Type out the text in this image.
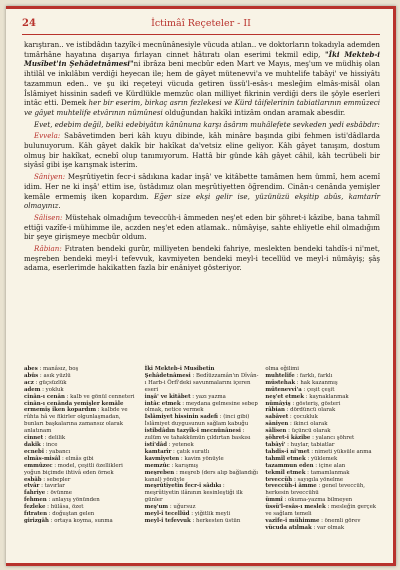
24	İctimâî Reçeteler - II

karıştıran.. ve istibdâdın tazyîk-i mecnûnânesiyle vücuda atılan.. ve doktorların tokadıyla ademden tımârhâne hayatına dışarıya fırlayan cinnet hâtıratı olan eserimi tekmil edip, "İki Mekteb-i Musîbet'in Şehâdetnâmesi"ni ibrâza beni mecbûr eden Mart ve Mayıs, meş'um ve müdhiş olan ihtilâl ve inkılâbın verdiği heyecan ile; hem de gâyet mütenevvi'a ve muhtelife tabâyi' ve hissiyâtı tazammun eden.. ve şu iki reçeteyi vücuda getiren üssü'l-esâs-ı mesleğim elmâs-misâl olan İslâmiyet hissinin sadefi ve Kürdlükle memzûc olan milliyet fikrinin verdiği ders ile şöyle eserleri intâc etti. Demek her bir eserim, birkaç asrın fezlekesi ve Kürd tâifelerinin tabiatlarının emmûzeci ve gâyet muhtelife etvârının nümûnesi olduğundan hakîki intizâm ondan aramak abesdir.

Evet, edebim değil, belki edebiyâtın kânûnuna karşı âsârım muhâlefete sevkeden yedi esbâbdır:

Evvela: Sabâvetimden beri kâh kuyu dibinde, kâh minâre başında gibi fehmen isti'dâdlarda bulunuyorum. Kâh gâyet dakîk bir hakîkat da'vetsiz eline geliyor. Kâh gâyet tanışım, dostum olmuş bir hakîkat, ecnebî olup tanımıyorum. Hattâ bir günde kâh gâyet câhil, kâh tecrübeli bir siyâsî gibi işe karışmak isterim.

Sâniyen: Meşrûtiyetin fecr-i sâdıkına kadar inşâ' ve kitâbette tamâmen hem ümmî, hem acemî idim. Her ne ki inşâ' ettim ise, üstâdımız olan meşrûtiyetten öğrendim. Cinân-ı cenânda yemişler kemâle ermemiş iken kopardım. Eğer size ekşi gelir ise, yüzünüzü ekşitip abûs, kamtarîr olmayınız.

Sâlisen: Müstehak olmadığım teveccüh-i âmmeden neş'et eden bir şöhret-i kâzibe, bana tahmîl ettiği vazîfe-i mühimme ile, aczden neş'et eden atlamak.. nümâyişe, sahte ehliyetle ehil olmadığım bir şeye girişmeye mecbûr oldum.

Râbian: Fıtraten bendeki gurûr, milliyeten bendeki fahriye, meslekten bendeki tahdîs-i ni'met, meşreben bendeki meyl-i tefevvuk, kavmiyeten bendeki meyl-i tecellüd ve meyl-i nümâyiş; şâş adama, eserlerimde hakikatten fazla bir enâniyet gösteriyor.

abes : manâsız, boş
abûs : asık yüzlü
acz : güçsüzlük
adem : yokluk
cinân-ı cenân : kalb ve gönül cenneteri
cinân-ı cenânda yemişler kemâle ermemiş iken kopardım : kalbde ve rûhta hâ ve fikirler olgunlaşmadan, bunları başkalarına zamansız olarak anlatınam
cinnet : delilik
dakîk : ince
ecnebî : yabancı
elmâs-misâl : elmâs gibi
emmûzec : model, çeşitli özellikleri yoğun biçimde ihtivâ eden örnek
esbâb : sebepler
etvâr : tavırlar
fahriye : övünme
fehmen : anlayış yönünden
fezleke : hülâsa, özet
fıtraten : doğuştan gelen
girizgâh : ortaya koyma, sunma
İki Mekteb-i Musîbetin Şehâdetnâmesi : Bedîüzzamân'ın Dîvân-ı Harb-i Örfî'deki savunmalarını içeren eseri
inşâ' ve kitâbet : yazı yazma
intâc etmek : meydana gelmesine sebep olmak, netice vermek
İslâmiyet hissinin sadefi : (inci gibi) İslâmiyet duygusunun sağlam kabuğu
istibdâdın tazyîk-i mecnûnânesi : zulüm ve tahakkümün çıldırtan baskısı
isti'dâd : yetenek
kamtarîr : çatık suratlı
kavmiyeten : kavim yönüyle
memzûc : karışmış
meşreben : meşreb (ders alıp bağlandığı kanal) yönüyle
meşrûtiyetin fecr-i sâdıkı : meşrûtiyetin ilânının kesinleştiği ilk günler
meş'um : uğursuz
meyl-i tecellüd : yiğitlik meyli
meyl-i tefevvuk : herkesten üstün
olma eğilimi
muhtelife : farklı, farklı
müstehak : hak kazanmış
mütenevvi'a : çeşit çeşit
neş'et etmek : kaynaklanmak
nümâyiş : gösteriş, gösteri
râbian : dördüncü olarak
sabâvet : çocukluk
sâniyen : ikinci olarak
sâlisen : üçüncü olarak
şöhret-i kâzibe : yalancı şöhret
tabâyi' : huylar, tabiatlar
tahdîs-i ni'met : nimeti yüksüle anma
tahmîl etmek : yüklemek
tazammun eden : içine alan
tekmîl etmek : tamamlanmak
teveccüh : sayıgıla yönelme
teveccüh-i âmme : genel teveccüh, herkesin teveccühü
ümmî : okuma-yazma bilmeyen
üssü'l-esâs-ı meslek : mesleğin gerçek ve sağlam temeli
vazîfe-i mühimme : önemli görev
vücuda atılmak : var olmak
